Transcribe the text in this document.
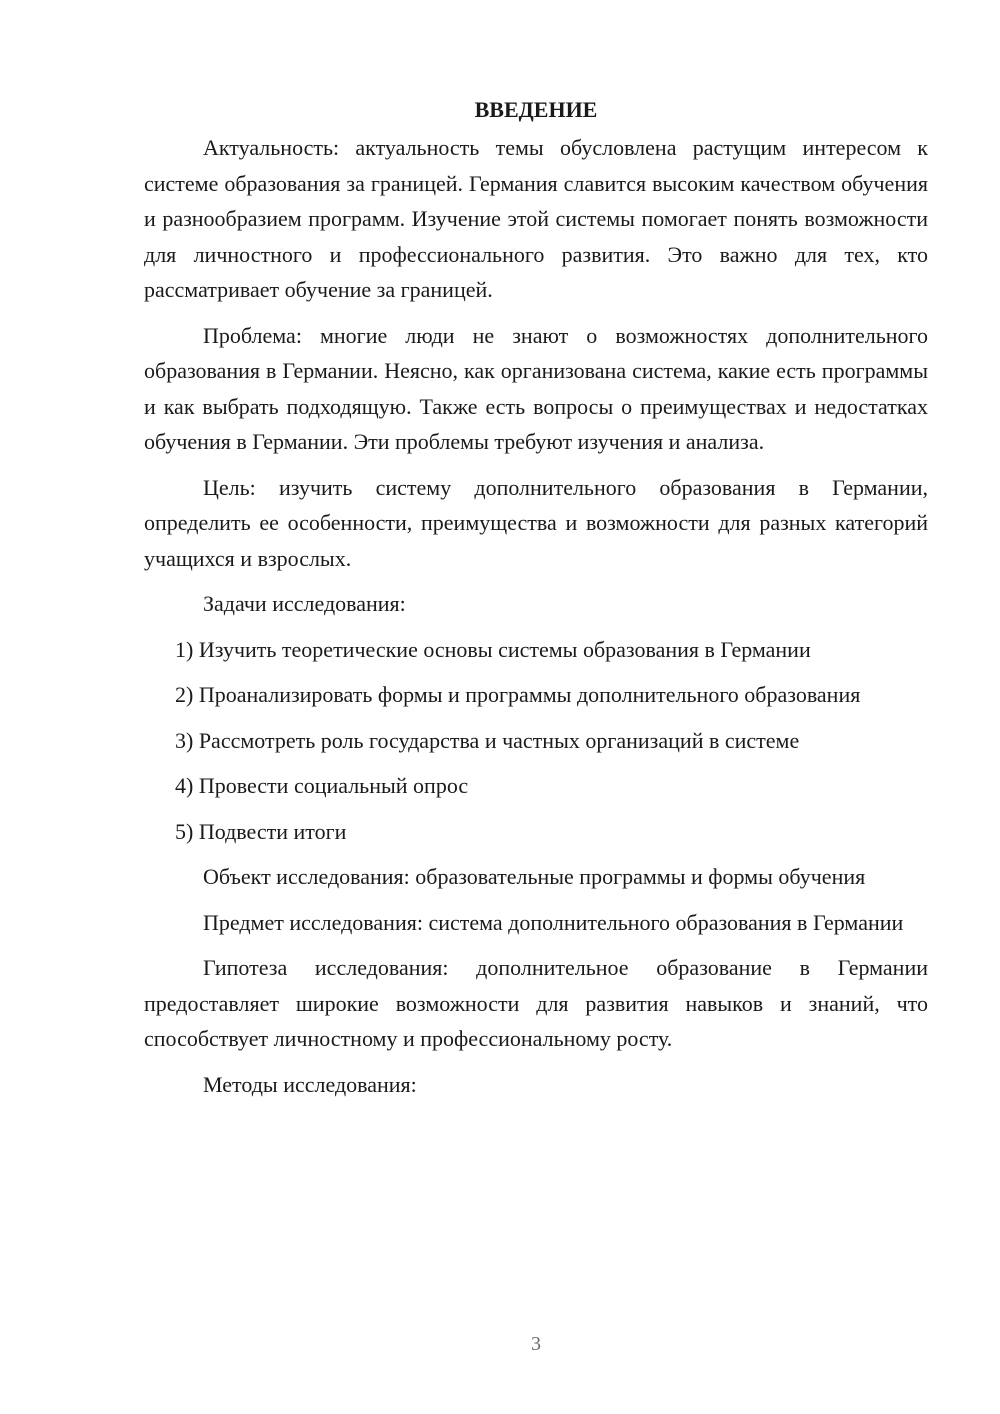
ВВЕДЕНИЕ

Актуальность: актуальность темы обусловлена растущим интересом к системе образования за границей. Германия славится высоким качеством обучения и разнообразием программ. Изучение этой системы помогает понять возможности для личностного и профессионального развития. Это важно для тех, кто рассматривает обучение за границей.

Проблема: многие люди не знают о возможностях дополнительного образования в Германии. Неясно, как организована система, какие есть программы и как выбрать подходящую. Также есть вопросы о преимуществах и недостатках обучения в Германии. Эти проблемы требуют изучения и анализа.

Цель: изучить систему дополнительного образования в Германии, определить ее особенности, преимущества и возможности для разных категорий учащихся и взрослых.

Задачи исследования:

1) Изучить теоретические основы системы образования в Германии

2) Проанализировать формы и программы дополнительного образования

3) Рассмотреть роль государства и частных организаций в системе

4) Провести социальный опрос

5) Подвести итоги

Объект исследования: образовательные программы и формы обучения

Предмет исследования: система дополнительного образования в Германии

Гипотеза исследования: дополнительное образование в Германии предоставляет широкие возможности для развития навыков и знаний, что способствует личностному и профессиональному росту.

Методы исследования:

3
